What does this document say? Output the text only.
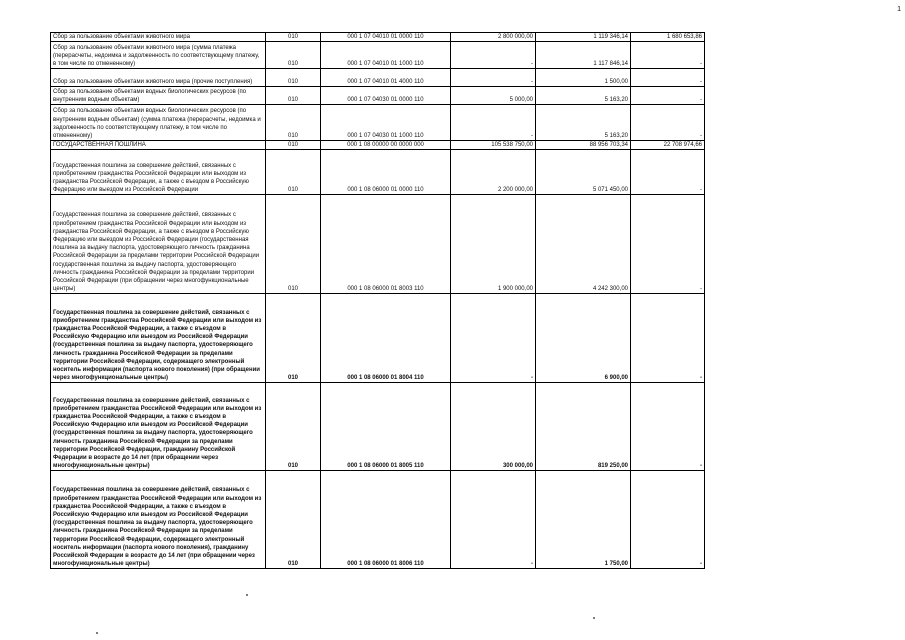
1
Сбор за пользование объектами животного мира	010	000 1 07 04010 01 0000 110	2 800 000,00	1 119 346,14	1 680 653,86

Сбор за пользование объектами животного мира (сумма платежа (перерасчеты, недоимка и задолженность по соответствующему платежу, в том числе по отмененному)	010	000 1 07 04010 01 1000 110	-	1 117 846,14	-

Сбор за пользование объектами животного мира (прочие поступления)	010	000 1 07 04010 01 4000 110	-	1 500,00	-

Сбор за пользование объектами водных биологических ресурсов (по внутренним водным объектам)	010	000 1 07 04030 01 0000 110	5 000,00	5 163,20	-

Сбор за пользование объектами водных биологических ресурсов (по внутренним водным объектам) (сумма платежа (перерасчеты, недоимка и задолженность по соответствующему платежу, в том числе по отмененному)	010	000 1 07 04030 01 1000 110	-	5 163,20	-

ГОСУДАРСТВЕННАЯ ПОШЛИНА	010	000 1 08 00000 00 0000 000	105 538 750,00	88 956 703,34	22 708 974,66

Государственная пошлина за совершение действий, связанных с приобретением гражданства Российской Федерации или выходом из гражданства Российской Федерации, а также с въездом в Российскую Федерацию или выездом из Российской Федерации	010	000 1 08 06000 01 0000 110	2 200 000,00	5 071 450,00	-

Государственная пошлина за совершение действий, связанных с приобретением гражданства Российской Федерации или выходом из гражданства Российской Федерации, а также с въездом в Российскую Федерацию или выездом из Российской Федерации (государственная пошлина за выдачу паспорта, удостоверяющего личность гражданина Российской Федерации за пределами территории Российской Федерации государственная пошлина за выдачу паспорта, удостоверяющего личность гражданина Российской Федерации за пределами территории Российской Федерации (при обращении через многофункциональные центры)	010	000 1 08 06000 01 8003 110	1 900 000,00	4 242 300,00	-

Государственная пошлина за совершение действий, связанных с приобретением гражданства Российской Федерации или выходом из гражданства Российской Федерации, а также с въездом в Российскую Федерацию или выездом из Российской Федерации (государственная пошлина за выдачу паспорта, удостоверяющего личность гражданина Российской Федерации за пределами территории Российской Федерации, содержащего электронный носитель информации (паспорта нового поколения) (при обращении через многофункциональные центры)	010	000 1 08 06000 01 8004 110	-	6 900,00	-

Государственная пошлина за совершение действий, связанных с приобретением гражданства Российской Федерации или выходом из гражданства Российской Федерации, а также с въездом в Российскую Федерацию или выездом из Российской Федерации (государственная пошлина за выдачу паспорта, удостоверяющего личность гражданина Российской Федерации за пределами территории Российской Федерации, гражданину Российской Федерации в возрасте до 14 лет (при обращении через многофункциональные центры)	010	000 1 08 06000 01 8005 110	300 000,00	819 250,00	-

Государственная пошлина за совершение действий, связанных с приобретением гражданства Российской Федерации или выходом из гражданства Российской Федерации, а также с въездом в Российскую Федерацию или выездом из Российской Федерации (государственная пошлина за выдачу паспорта, удостоверяющего личность гражданина Российской Федерации за пределами территории Российской Федерации, содержащего электронный носитель информации (паспорта нового поколения), гражданину Российской Федерации в возрасте до 14 лет (при обращении через многофункциональные центры)	010	000 1 08 06000 01 8006 110	-	1 750,00	-
